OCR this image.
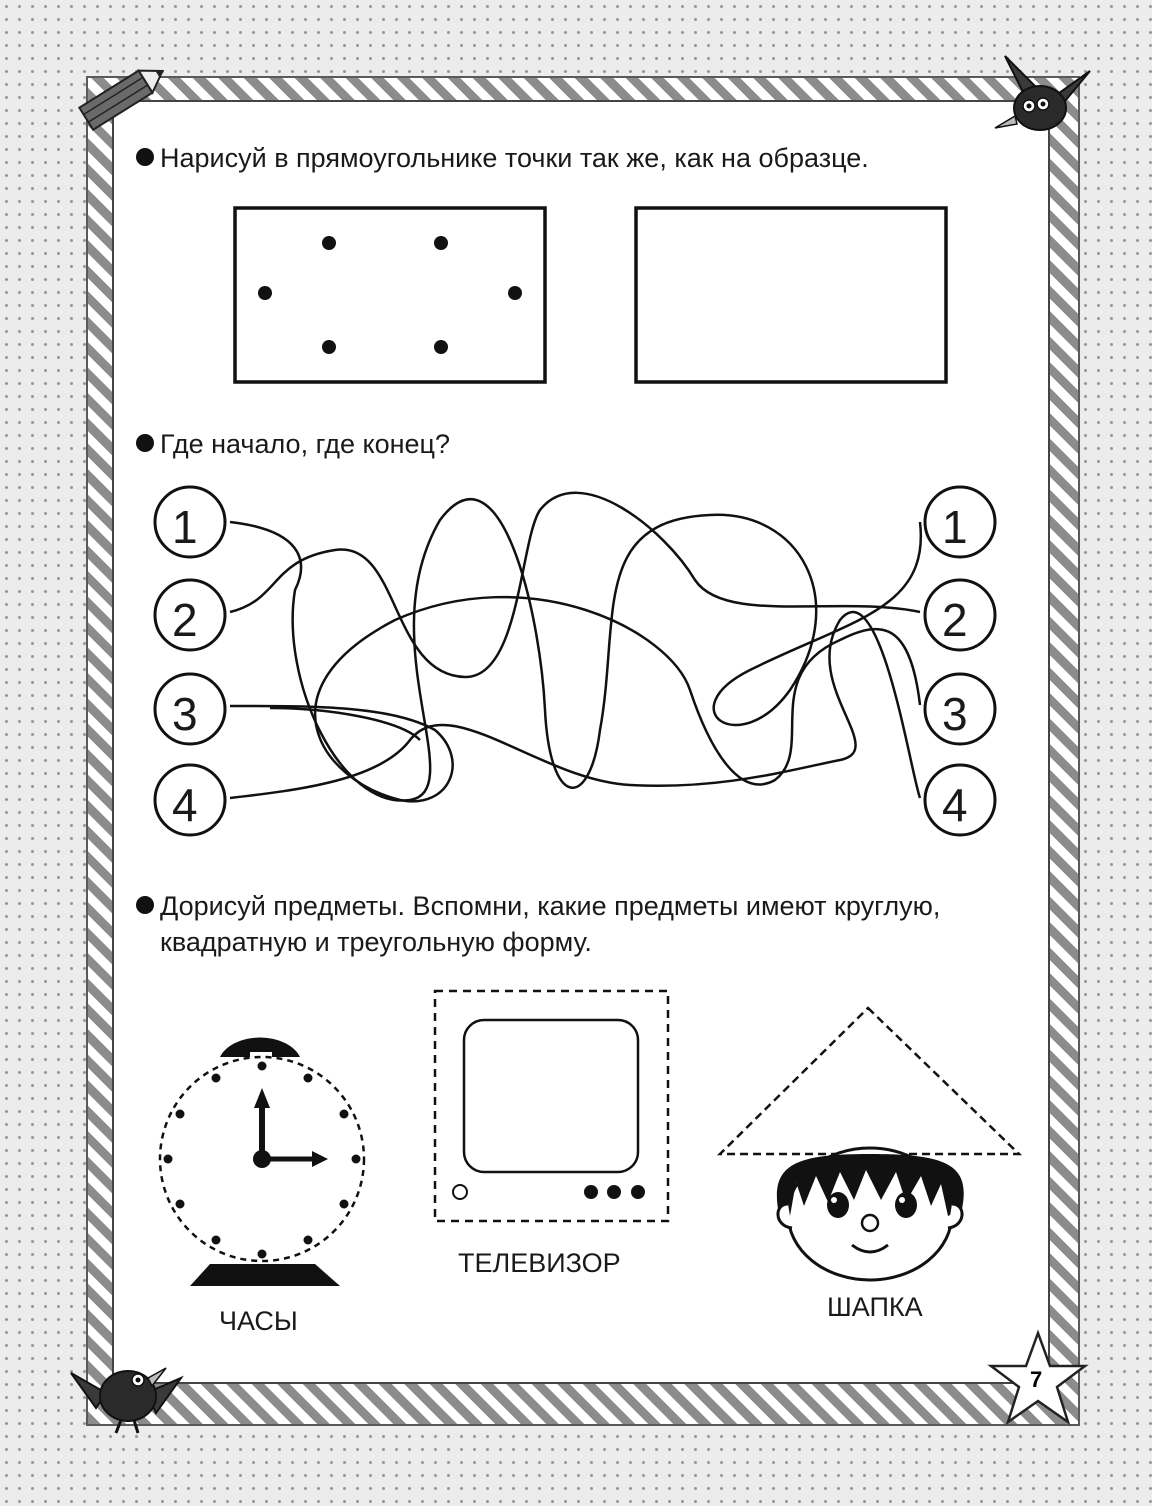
7
Нарисуй в прямоугольнике точки так же, как на образце.
Где начало, где конец?
1
2
3
4
1
2
3
4
Дорисуй предметы. Вспомни, какие предметы имеют круглую,
квадратную и треугольную форму.
ЧАСЫ
ТЕЛЕВИЗОР
ШАПКА
